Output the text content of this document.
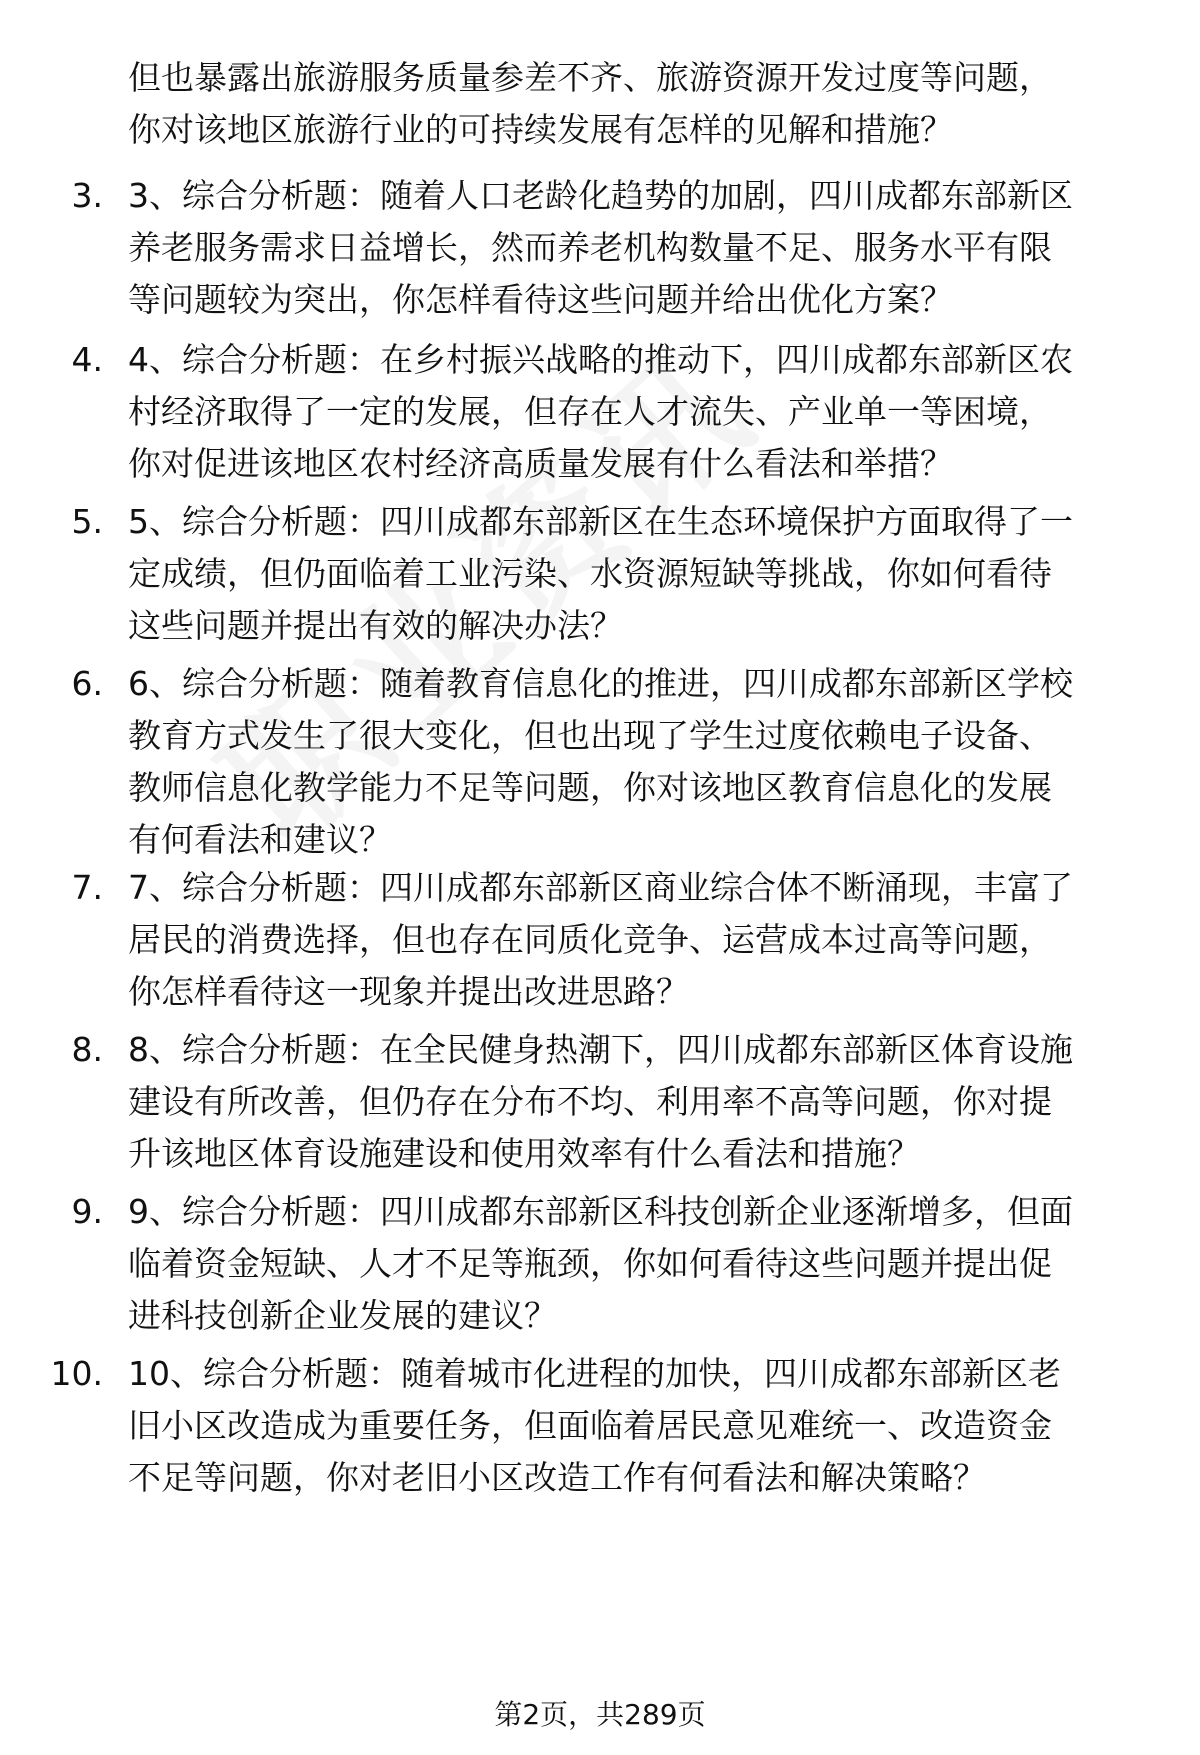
但也暴露出旅游服务质量参差不齐、旅游资源开发过度等问题，
你对该地区旅游行业的可持续发展有怎样的见解和措施？
3. 3、综合分析题：随着人口老龄化趋势的加剧，四川成都东部新区
养老服务需求日益增长，然而养老机构数量不足、服务水平有限
等问题较为突出，你怎样看待这些问题并给出优化方案？
4. 4、综合分析题：在乡村振兴战略的推动下，四川成都东部新区农
村经济取得了一定的发展，但存在人才流失、产业单一等困境，
你对促进该地区农村经济高质量发展有什么看法和举措？
5. 5、综合分析题：四川成都东部新区在生态环境保护方面取得了一
定成绩，但仍面临着工业污染、水资源短缺等挑战，你如何看待
这些问题并提出有效的解决办法？
6. 6、综合分析题：随着教育信息化的推进，四川成都东部新区学校
教育方式发生了很大变化，但也出现了学生过度依赖电子设备、
教师信息化教学能力不足等问题，你对该地区教育信息化的发展
有何看法和建议？
7. 7、综合分析题：四川成都东部新区商业综合体不断涌现，丰富了
居民的消费选择，但也存在同质化竞争、运营成本过高等问题，
你怎样看待这一现象并提出改进思路？
8. 8、综合分析题：在全民健身热潮下，四川成都东部新区体育设施
建设有所改善，但仍存在分布不均、利用率不高等问题，你对提
升该地区体育设施建设和使用效率有什么看法和措施？
9. 9、综合分析题：四川成都东部新区科技创新企业逐渐增多，但面
临着资金短缺、人才不足等瓶颈，你如何看待这些问题并提出促
进科技创新企业发展的建议？
10. 10、综合分析题：随着城市化进程的加快，四川成都东部新区老
旧小区改造成为重要任务，但面临着居民意见难统一、改造资金
不足等问题，你对老旧小区改造工作有何看法和解决策略？
第2页，共289页
